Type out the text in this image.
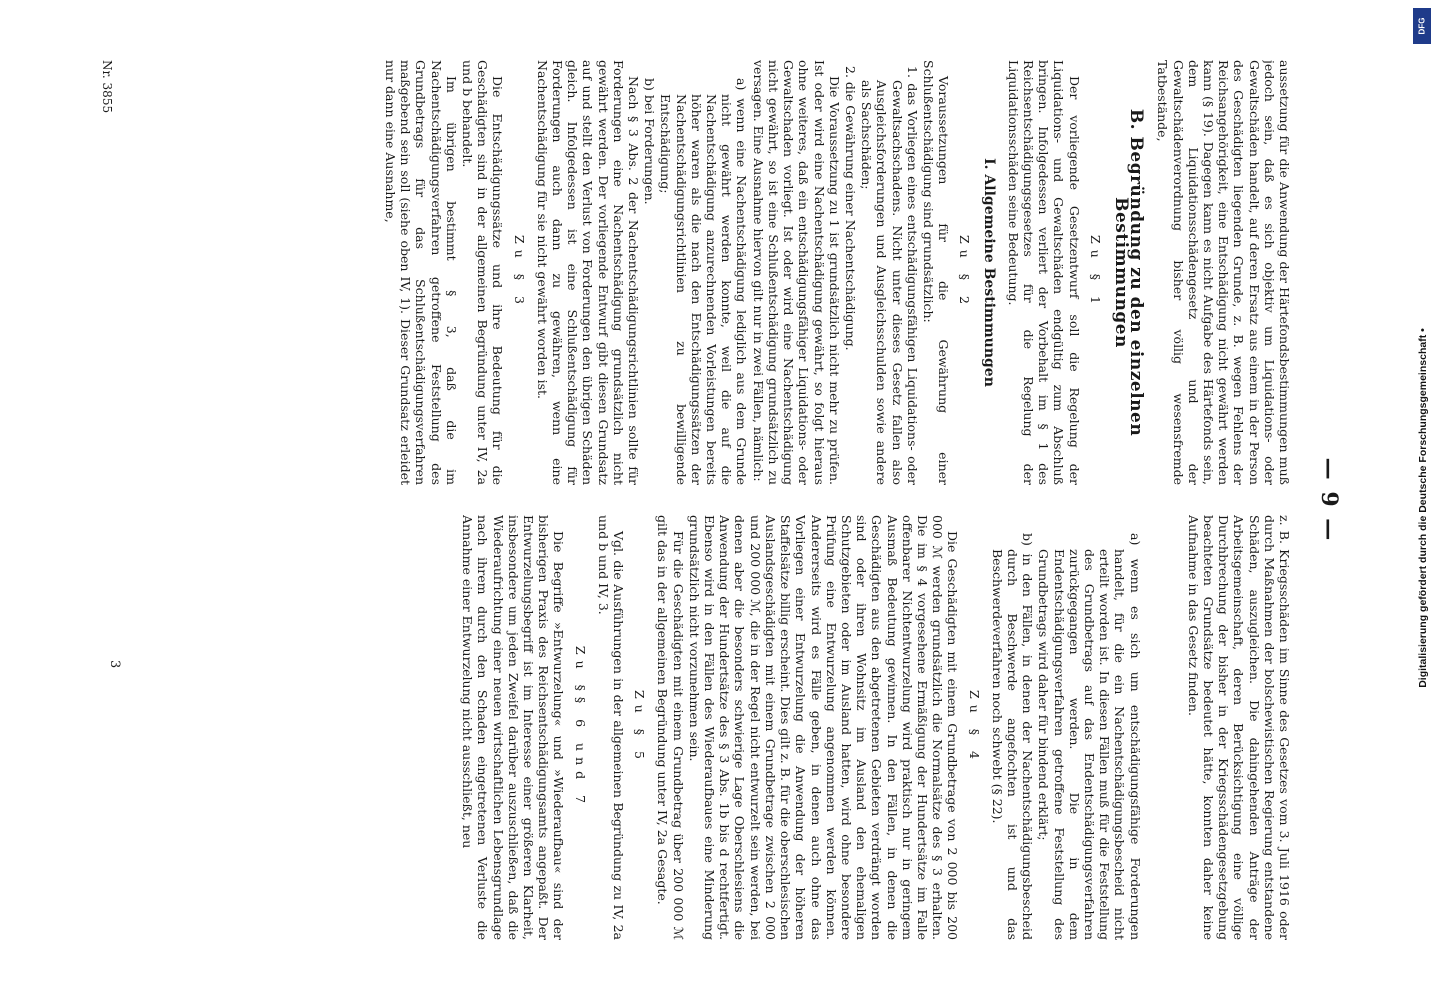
— 9 —

aussetzung für die Anwendung der Härtefondsbestimmungen muß jedoch sein, daß es sich objektiv um Liquidations- oder Gewaltschäden handelt, auf deren Ersatz aus einem in der Person des Geschädigten liegenden Grunde, z. B. wegen Fehlens der Reichsangehörigkeit, eine Entschädigung nicht gewährt werden kann (§ 19). Dagegen kann es nicht Aufgabe des Härtefonds sein, dem Liquidationsschädengesetz und der Gewaltschädenverordnung bisher völlig wesensfremde Tatbestände,

B. Begründung zu den einzelnen Bestimmungen
Zu § 1

Der vorliegende Gesetzentwurf soll die Regelung der Liquidations- und Gewaltschäden endgültig zum Abschluß bringen. Infolgedessen verliert der Vorbehalt im § 1 des Reichsentschädigungsgesetzes für die Regelung der Liquidationsschäden seine Bedeutung.

I. Allgemeine Bestimmungen
Zu § 2

Voraussetzungen für die Gewährung einer Schlußentschädigung sind grundsätzlich:

1. das Vorliegen eines entschädigungsfähigen Liquidations- oder Gewaltsachschadens. Nicht unter dieses Gesetz fallen also Ausgleichsforderungen und Ausgleichsschulden sowie andere als Sachschäden;

2. die Gewährung einer Nachentschädigung.

Die Voraussetzung zu 1 ist grundsätzlich nicht mehr zu prüfen. Ist oder wird eine Nachentschädigung gewährt, so folgt hieraus ohne weiteres, daß ein entschädigungsfähiger Liquidations- oder Gewaltschaden vorliegt. Ist oder wird eine Nachentschädigung nicht gewährt, so ist eine Schlußentschädigung grundsätzlich zu versagen. Eine Ausnahme hiervon gilt nur in zwei Fällen, nämlich:

a) wenn eine Nachentschädigung lediglich aus dem Grunde nicht gewährt werden konnte, weil die auf die Nachentschädigung anzurechnenden Vorleistungen bereits höher waren als die nach den Entschädigungssätzen der Nachentschädigungsrichtlinien zu bewilligende Entschädigung;

b) bei Forderungen.

Nach § 3 Abs. 2 der Nachentschädigungsrichtlinien sollte für Forderungen eine Nachentschädigung grundsätzlich nicht gewährt werden. Der vorliegende Entwurf gibt diesen Grundsatz auf und stellt den Verlust von Forderungen den übrigen Schäden gleich. Infolgedessen ist eine Schlußentschädigung für Forderungen auch dann zu gewähren, wenn eine Nachentschädigung für sie nicht gewährt worden ist.

Zu § 3

Die Entschädigungssätze und ihre Bedeutung für die Geschädigten sind in der allgemeinen Begründung unter IV, 2a und b behandelt.

Im übrigen bestimmt § 3, daß die im Nachentschädigungsverfahren getroffene Feststellung des Grundbetrags für das Schlußentschädigungsverfahren maßgebend sein soll (siehe oben IV, 1). Dieser Grundsatz erleidet nur dann eine Ausnahme,

z. B. Kriegsschäden im Sinne des Gesetzes vom 3. Juli 1916 oder durch Maßnahmen der bolschewistischen Regierung entstandene Schäden, auszugleichen. Die dahingehenden Anträge der Arbeitsgemeinschaft, deren Berücksichtigung eine völlige Durchbrechung der bisher in der Kriegsschädengesetzgebung beachteten Grundsätze bedeutet hätte, konnten daher keine Aufnahme in das Gesetz finden.

a) wenn es sich um entschädigungsfähige Forderungen handelt, für die ein Nachentschädigungsbescheid nicht erteilt worden ist. In diesen Fällen muß für die Feststellung des Grundbetrags auf das Endentschädigungsverfahren zurückgegangen werden. Die in dem Endentschädigungsverfahren getroffene Feststellung des Grundbetrags wird daher für bindend erklärt;

b) in den Fällen, in denen der Nachentschädigungsbescheid durch Beschwerde angefochten ist und das Beschwerdeverfahren noch schwebt (§ 22).

Zu § 4

Die Geschädigten mit einem Grundbetrage von 2 000 bis 200 000 ℳ werden grundsätzlich die Normalsätze des § 3 erhalten. Die im § 4 vorgesehene Ermäßigung der Hundertsätze im Falle offenbarer Nichtentwurzelung wird praktisch nur in geringem Ausmaß Bedeutung gewinnen. In den Fällen, in denen die Geschädigten aus den abgetretenen Gebieten verdrängt worden sind oder ihren Wohnsitz im Ausland den ehemaligen Schutzgebieten oder im Ausland hatten, wird ohne besondere Prüfung eine Entwurzelung angenommen werden können. Andererseits wird es Fälle geben, in denen auch ohne das Vorliegen einer Entwurzelung die Anwendung der höheren Staffelsätze billig erscheint. Dies gilt z. B. für die oberschlesischen Auslandsgeschädigten mit einem Grundbetrage zwischen 2 000 und 200 000 ℳ, die in der Regel nicht entwurzelt sein werden, bei denen aber die besonders schwierige Lage Oberschlesiens die Anwendung der Hundertsätze des § 3 Abs. 1b bis d rechtfertigt. Ebenso wird in den Fällen des Wiederaufbaues eine Minderung grundsätzlich nicht vorzunehmen sein.

Für die Geschädigten mit einem Grundbetrag über 200 000 ℳ gilt das in der allgemeinen Begründung unter IV, 2a Gesagte.

Zu § 5

Vgl. die Ausführungen in der allgemeinen Begründung zu IV, 2a und b und IV, 3.

Zu §§ 6 und 7

Die Begriffe »Entwurzelung« und »Wiederaufbau« sind der bisherigen Praxis des Reichsentschädigungsamts angepaßt. Der Entwurzelungsbegriff ist im Interesse einer größeren Klarheit, insbesondere um jeden Zweifel darüber auszuschließen, daß die Wiederaufrichtung einer neuen wirtschaftlichen Lebensgrundlage nach ihrem durch den Schaden eingetretenen Verluste die Annahme einer Entwurzelung nicht ausschließt, neu

Nr. 3855
3
DFG
Digitalisierung gefördert durch die Deutsche Forschungsgemeinschaft •
